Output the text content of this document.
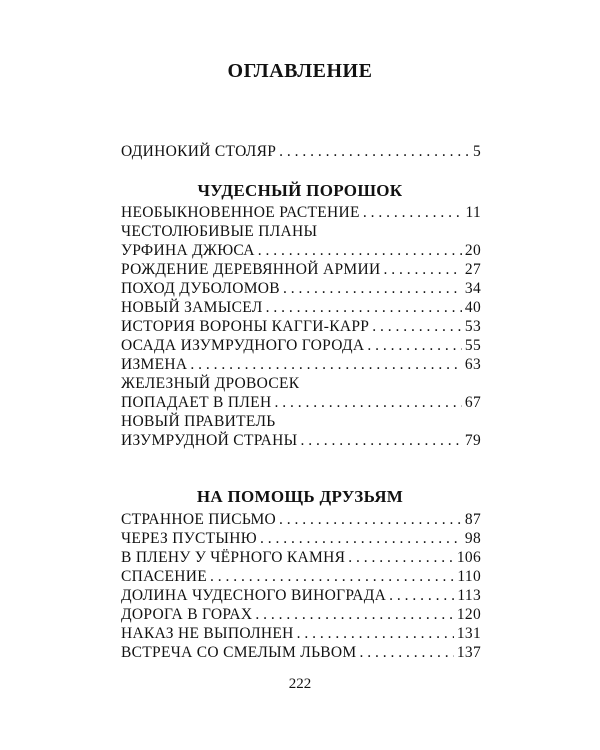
ОГЛАВЛЕНИЕ
ОДИНОКИЙ СТОЛЯР . . .	5
ЧУДЕСНЫЙ ПОРОШОК
НЕОБЫКНОВЕННОЕ РАСТЕНИЕ . . .	11
ЧЕСТОЛЮБИВЫЕ ПЛАНЫ
УРФИНА ДЖЮСА . . .	20
РОЖДЕНИЕ ДЕРЕВЯННОЙ АРМИИ . . .	27
ПОХОД ДУБОЛОМОВ . . .	34
НОВЫЙ ЗАМЫСЕЛ . . .	40
ИСТОРИЯ ВОРОНЫ КАГГИ-КАРР . . .	53
ОСАДА ИЗУМРУДНОГО ГОРОДА . . .	55
ИЗМЕНА . . .	63
ЖЕЛЕЗНЫЙ ДРОВОСЕК
ПОПАДАЕТ В ПЛЕН . . .	67
НОВЫЙ ПРАВИТЕЛЬ
ИЗУМРУДНОЙ СТРАНЫ . . .	79
НА ПОМОЩЬ ДРУЗЬЯМ
СТРАННОЕ ПИСЬМО . . .	87
ЧЕРЕЗ ПУСТЫНЮ . . .	98
В ПЛЕНУ У ЧЁРНОГО КАМНЯ . . .	106
СПАСЕНИЕ . . .	110
ДОЛИНА ЧУДЕСНОГО ВИНОГРАДА . . .	113
ДОРОГА В ГОРАХ . . .	120
НАКАЗ НЕ ВЫПОЛНЕН . . .	131
ВСТРЕЧА СО СМЕЛЫМ ЛЬВОМ . . .	137
222
